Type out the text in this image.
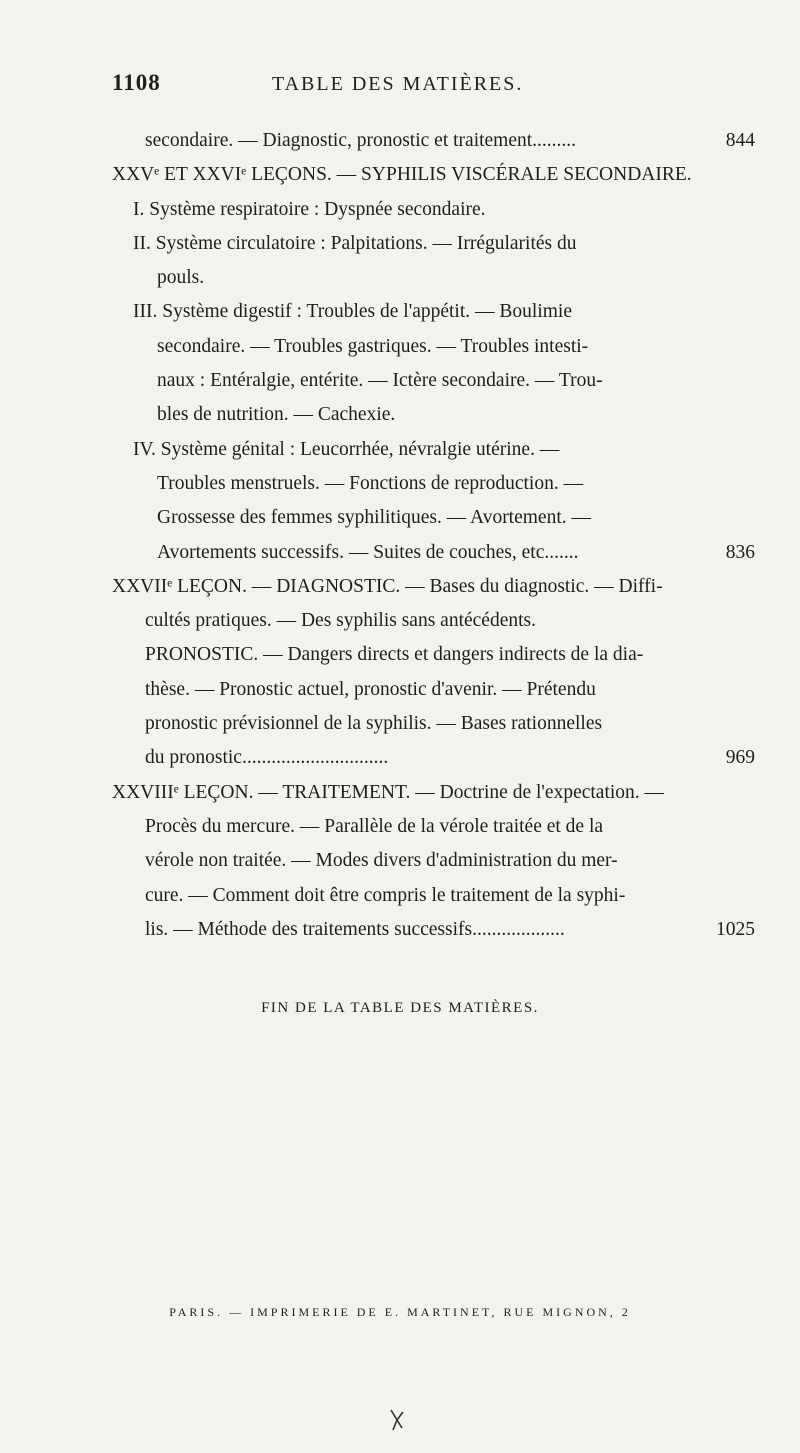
1108	TABLE DES MATIÈRES.
secondaire. — Diagnostic, pronostic et traitement.........	844
XXVᵉ ET XXVIᵉ LEÇONS. — SYPHILIS VISCÉRALE SECONDAIRE.
I. Système respiratoire : Dyspnée secondaire.
II. Système circulatoire : Palpitations. — Irrégularités du
pouls.
III. Système digestif : Troubles de l'appétit. — Boulimie
secondaire. — Troubles gastriques. — Troubles intesti-
naux : Entéralgie, entérite. — Ictère secondaire. — Trou-
bles de nutrition. — Cachexie.
IV. Système génital : Leucorrhée, névralgie utérine. —
Troubles menstruels. — Fonctions de reproduction. —
Grossesse des femmes syphilitiques. — Avortement. —
Avortements successifs. — Suites de couches, etc.......	836
XXVIIᵉ LEÇON. — DIAGNOSTIC. — Bases du diagnostic. — Diffi-
cultés pratiques. — Des syphilis sans antécédents.
PRONOSTIC. — Dangers directs et dangers indirects de la dia-
thèse. — Pronostic actuel, pronostic d'avenir. — Prétendu
pronostic prévisionnel de la syphilis. — Bases rationnelles
du pronostic..............................	969
XXVIIIᵉ LEÇON. — TRAITEMENT. — Doctrine de l'expectation. —
Procès du mercure. — Parallèle de la vérole traitée et de la
vérole non traitée. — Modes divers d'administration du mer-
cure. — Comment doit être compris le traitement de la syphi-
lis. — Méthode des traitements successifs...................	1025
FIN DE LA TABLE DES MATIÈRES.
PARIS. — IMPRIMERIE DE E. MARTINET, RUE MIGNON, 2
